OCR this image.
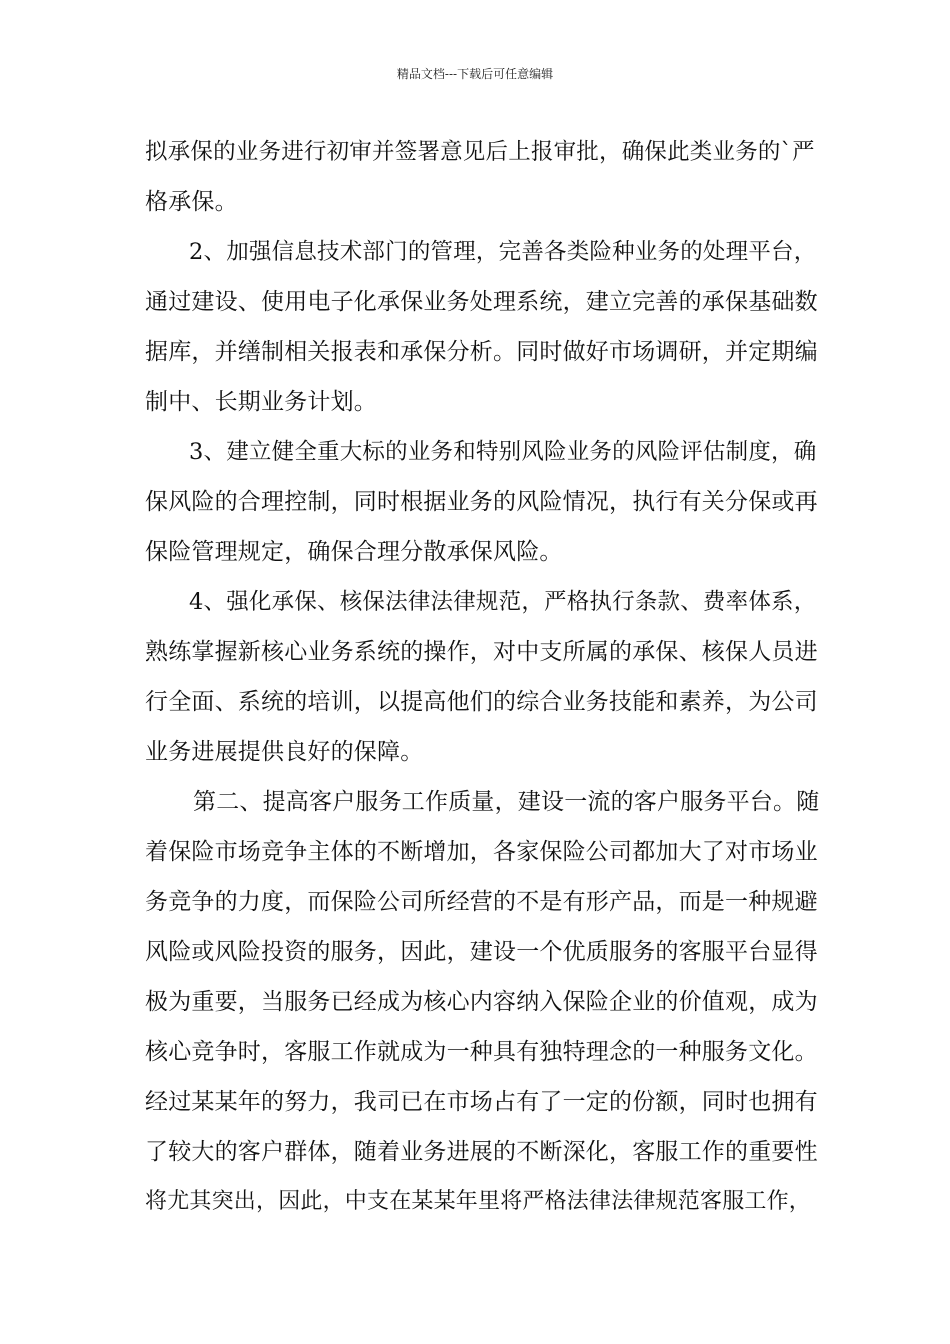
精品文档---下载后可任意编辑
拟承保的业务进行初审并签署意见后上报审批，确保此类业务的`严
格承保。
2、加强信息技术部门的管理，完善各类险种业务的处理平台，
通过建设、使用电子化承保业务处理系统，建立完善的承保基础数
据库，并缮制相关报表和承保分析。同时做好市场调研，并定期编
制中、长期业务计划。
3、建立健全重大标的业务和特别风险业务的风险评估制度，确
保风险的合理控制，同时根据业务的风险情况，执行有关分保或再
保险管理规定，确保合理分散承保风险。
4、强化承保、核保法律法律规范，严格执行条款、费率体系，
熟练掌握新核心业务系统的操作，对中支所属的承保、核保人员进
行全面、系统的培训，以提高他们的综合业务技能和素养，为公司
业务进展提供良好的保障。
第二、提高客户服务工作质量，建设一流的客户服务平台。随
着保险市场竞争主体的不断增加，各家保险公司都加大了对市场业
务竞争的力度，而保险公司所经营的不是有形产品，而是一种规避
风险或风险投资的服务，因此，建设一个优质服务的客服平台显得
极为重要，当服务已经成为核心内容纳入保险企业的价值观，成为
核心竞争时，客服工作就成为一种具有独特理念的一种服务文化。
经过某某年的努力，我司已在市场占有了一定的份额，同时也拥有
了较大的客户群体，随着业务进展的不断深化，客服工作的重要性
将尤其突出，因此，中支在某某年里将严格法律法律规范客服工作，
